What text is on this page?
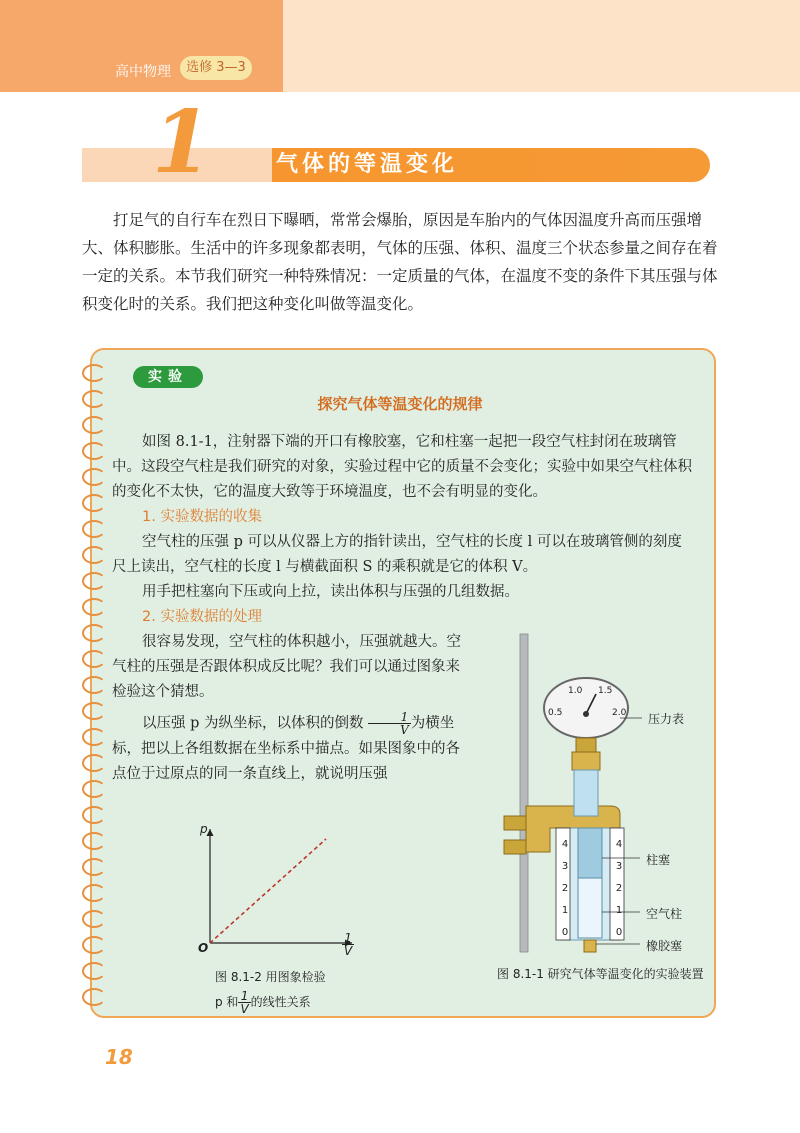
高中物理	选修 3—3
1	气体的等温变化

打足气的自行车在烈日下曝晒，常常会爆胎，原因是车胎内的气体因温度升高而压强增大、体积膨胀。生活中的许多现象都表明，气体的压强、体积、温度三个状态参量之间存在着一定的关系。本节我们研究一种特殊情况：一定质量的气体，在温度不变的条件下其压强与体积变化时的关系。我们把这种变化叫做等温变化。

实验
探究气体等温变化的规律

如图 8.1-1，注射器下端的开口有橡胶塞，它和柱塞一起把一段空气柱封闭在玻璃管中。这段空气柱是我们研究的对象，实验过程中它的质量不会变化；实验中如果空气柱体积的变化不太快，它的温度大致等于环境温度，也不会有明显的变化。

1. 实验数据的收集

空气柱的压强 p 可以从仪器上方的指针读出，空气柱的长度 l 可以在玻璃管侧的刻度尺上读出，空气柱的长度 l 与横截面积 S 的乘积就是它的体积 V。

用手把柱塞向下压或向上拉，读出体积与压强的几组数据。

2. 实验数据的处理

很容易发现，空气柱的体积越小，压强就越大。空气柱的压强是否跟体积成反比呢？我们可以通过图象来检验这个猜想。

以压强 p 为纵坐标，以体积的倒数 $\frac{1}{V}$ 为横坐标，把以上各组数据在坐标系中描点。如果图象中的各点位于过原点的同一条直线上，就说明压强

p
O	$\frac{1}{V}$
图 8.1-2 用图象检验
p 和 $\frac{1}{V}$ 的线性关系
0.5
1.0 1.5
2.0 压力表
柱塞
空气柱
橡胶塞
4
3
2
1
0
4
3
2
1
0
图 8.1-1 研究气体等温变化的实验装置
18
